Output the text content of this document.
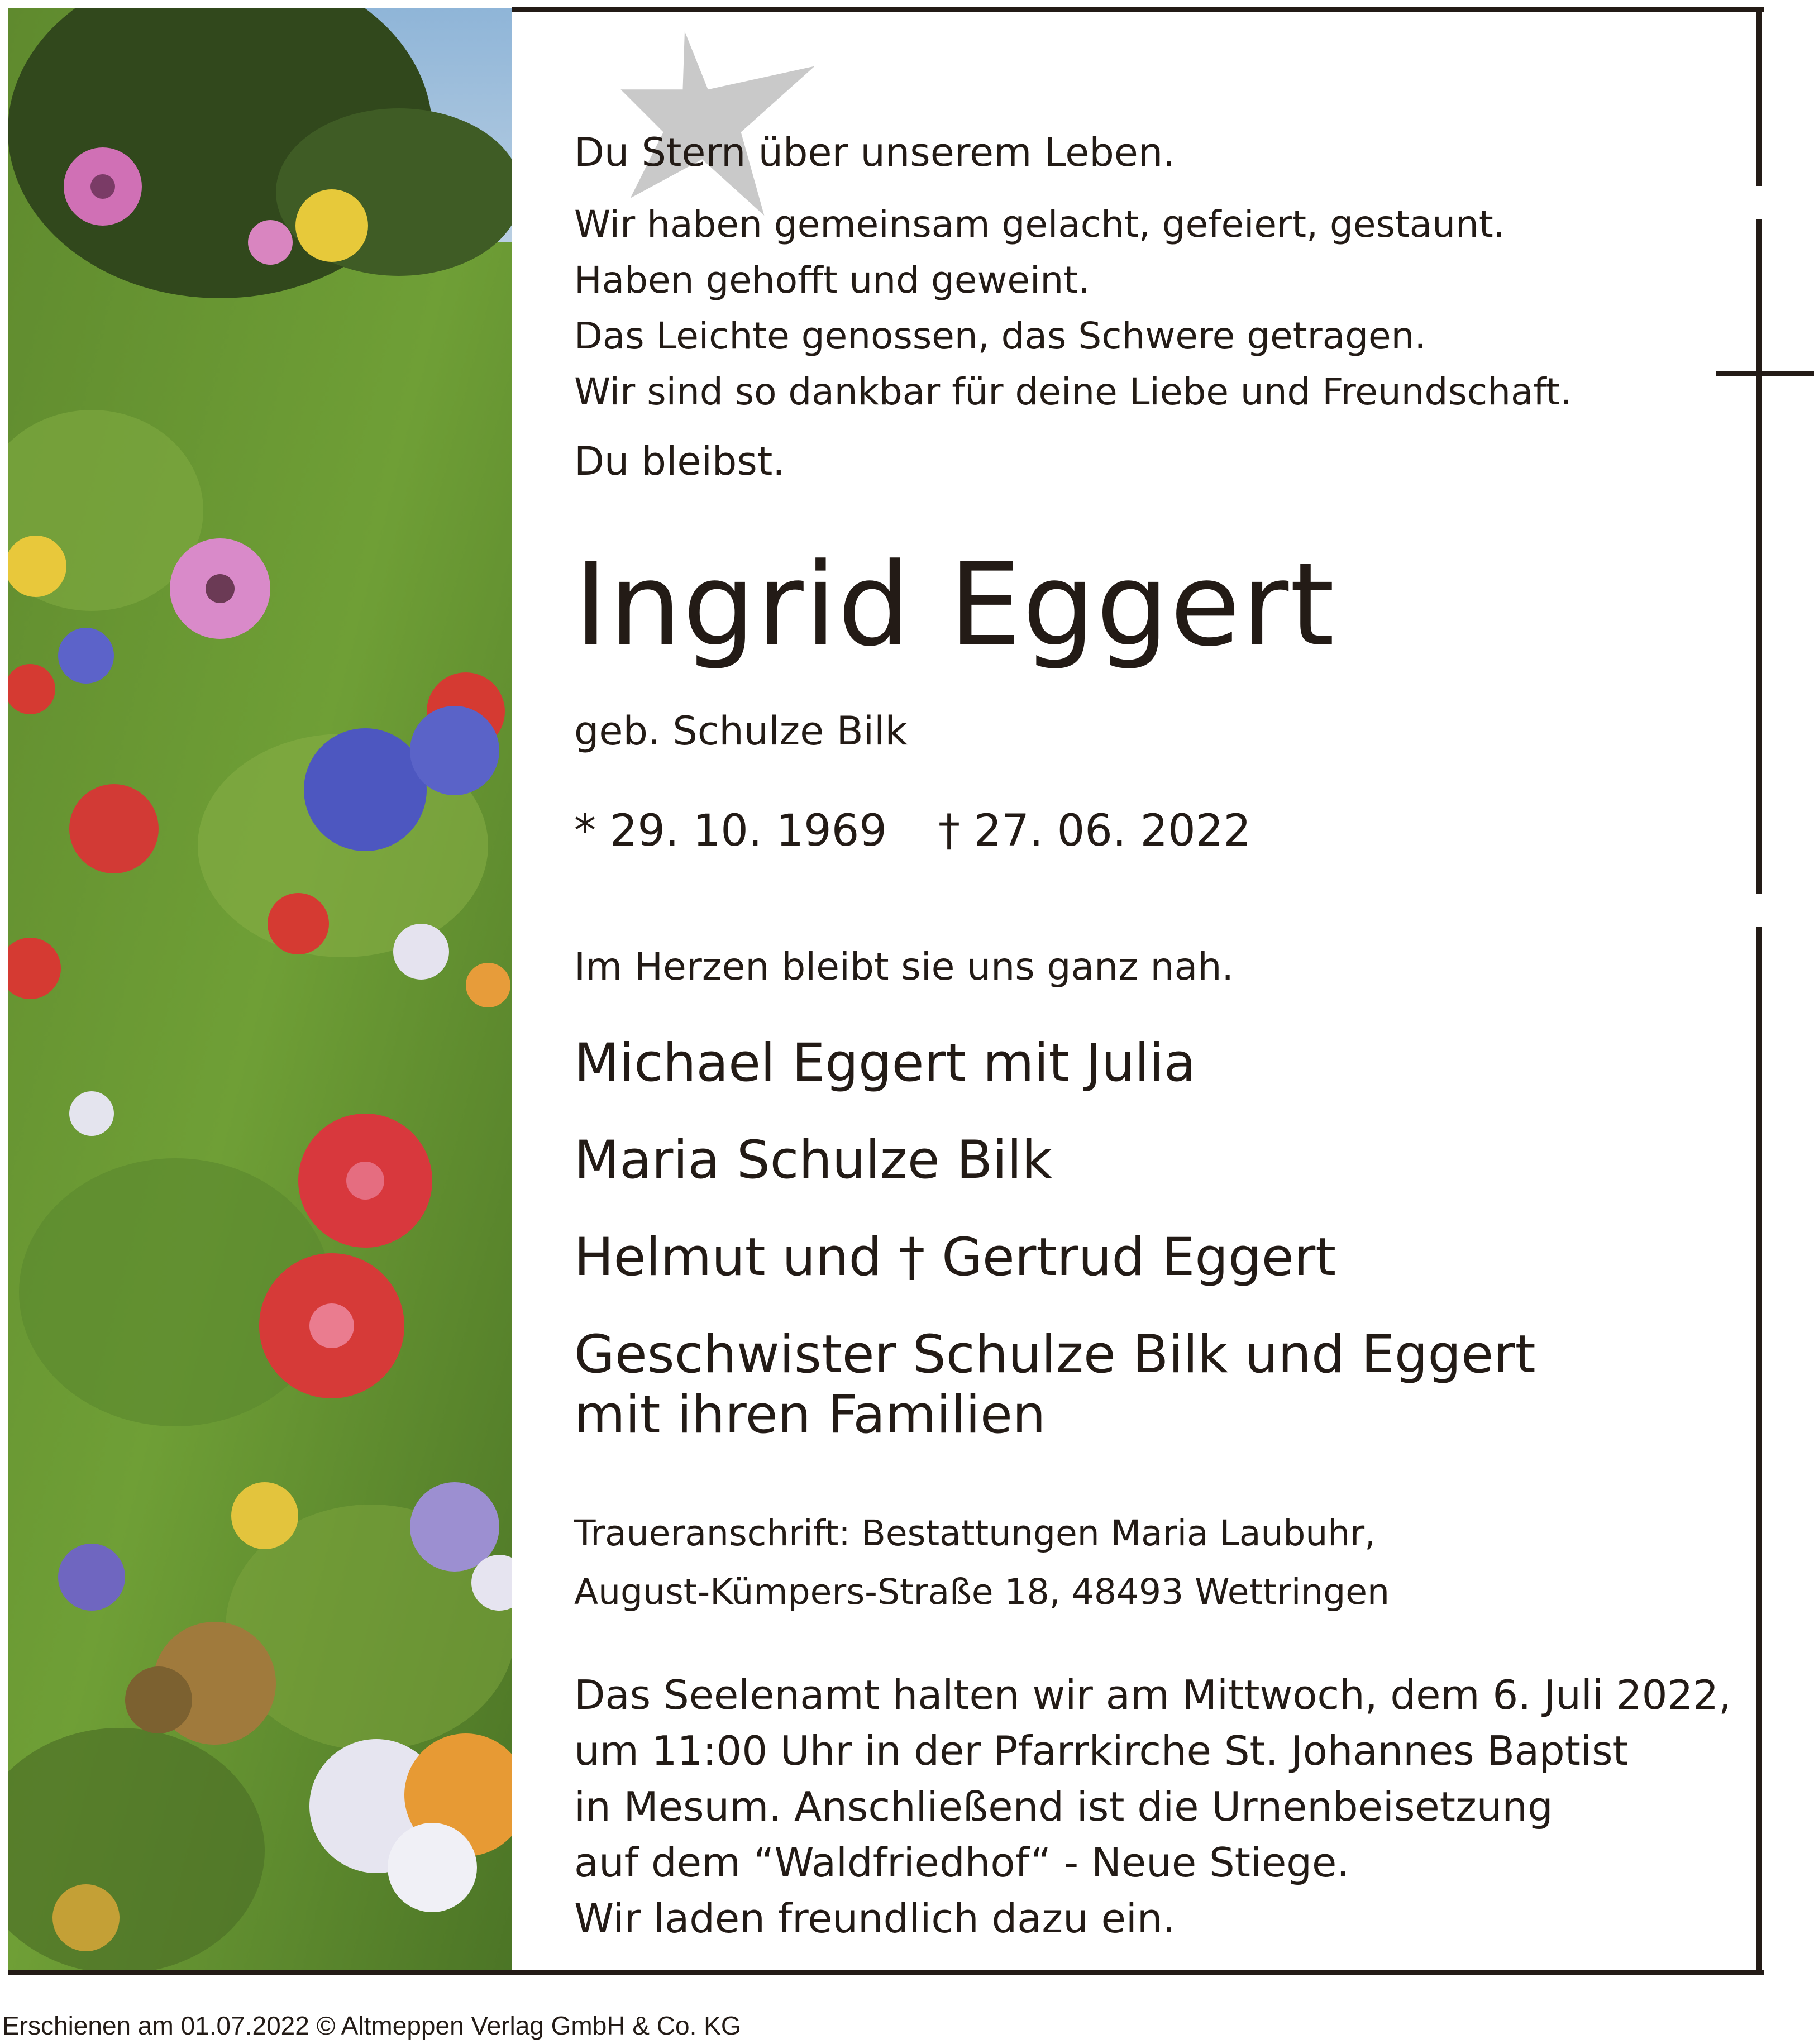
Du Stern über unserem Leben.

Wir haben gemeinsam gelacht, gefeiert, gestaunt.
Haben gehofft und geweint.
Das Leichte genossen, das Schwere getragen.
Wir sind so dankbar für deine Liebe und Freundschaft.

Du bleibst.

Ingrid Eggert

geb. Schulze Bilk

* 29. 10. 1969 † 27. 06. 2022

Im Herzen bleibt sie uns ganz nah.

Michael Eggert mit Julia

Maria Schulze Bilk

Helmut und † Gertrud Eggert

Geschwister Schulze Bilk und Eggert
mit ihren Familien

Traueranschrift: Bestattungen Maria Laubuhr,

August-Kümpers-Straße 18, 48493 Wettringen

Das Seelenamt halten wir am Mittwoch, dem 6. Juli 2022,
um 11:00 Uhr in der Pfarrkirche St. Johannes Baptist
in Mesum. Anschließend ist die Urnenbeisetzung
auf dem “Waldfriedhof“ - Neue Stiege.
Wir laden freundlich dazu ein.

Erschienen am 01.07.2022 © Altmeppen Verlag GmbH & Co. KG
